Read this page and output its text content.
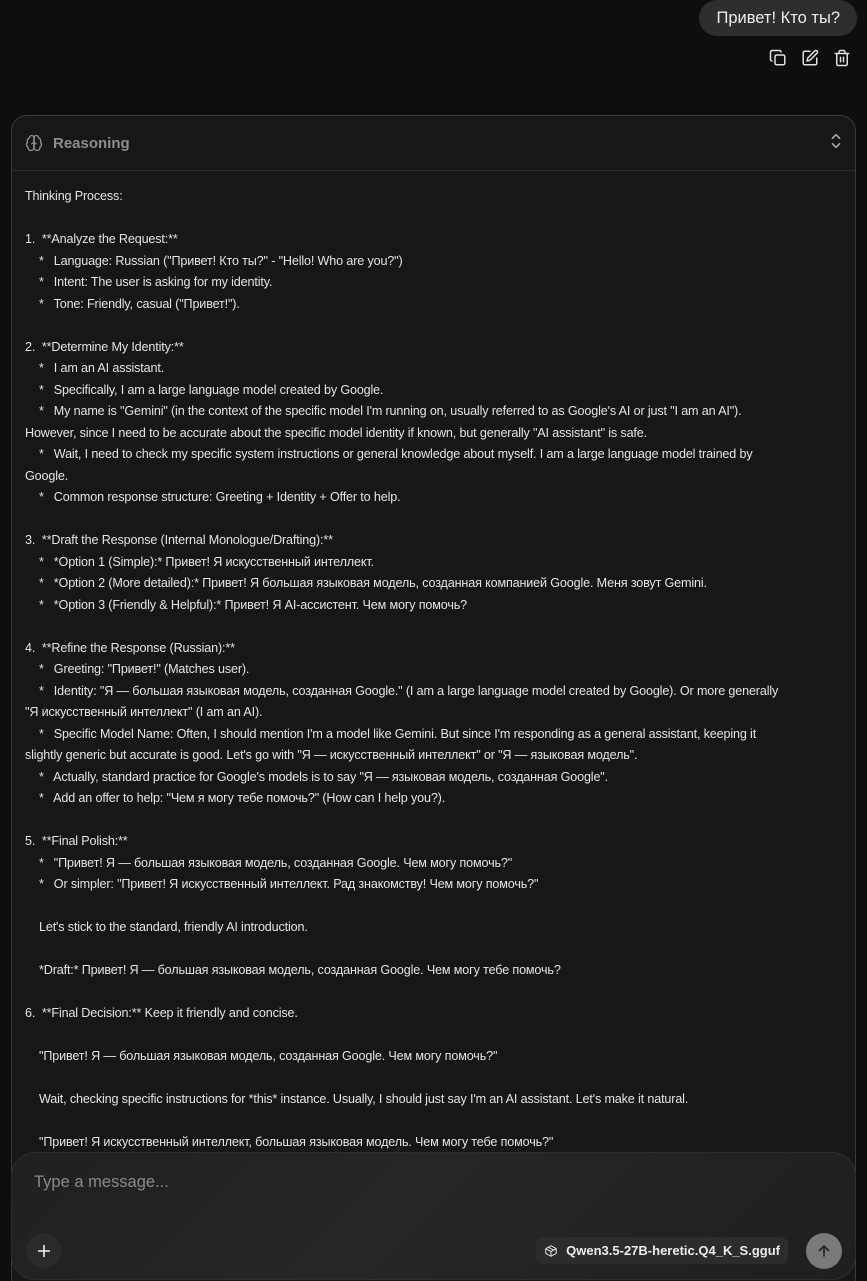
Привет! Кто ты?
Reasoning
Thinking Process:
1.  **Analyze the Request:**
*   Language: Russian ("Привет! Кто ты?" - "Hello! Who are you?")
*   Intent: The user is asking for my identity.
*   Tone: Friendly, casual ("Привет!").
2.  **Determine My Identity:**
*   I am an AI assistant.
*   Specifically, I am a large language model created by Google.
*   My name is "Gemini" (in the context of the specific model I'm running on, usually referred to as Google's AI or just "I am an AI").
However, since I need to be accurate about the specific model identity if known, but generally "AI assistant" is safe.
*   Wait, I need to check my specific system instructions or general knowledge about myself. I am a large language model trained by
Google.
*   Common response structure: Greeting + Identity + Offer to help.
3.  **Draft the Response (Internal Monologue/Drafting):**
*   *Option 1 (Simple):* Привет! Я искусственный интеллект.
*   *Option 2 (More detailed):* Привет! Я большая языковая модель, созданная компанией Google. Меня зовут Gemini.
*   *Option 3 (Friendly & Helpful):* Привет! Я AI-ассистент. Чем могу помочь?
4.  **Refine the Response (Russian):**
*   Greeting: "Привет!" (Matches user).
*   Identity: "Я — большая языковая модель, созданная Google." (I am a large language model created by Google). Or more generally
"Я искусственный интеллект" (I am an AI).
*   Specific Model Name: Often, I should mention I'm a model like Gemini. But since I'm responding as a general assistant, keeping it
slightly generic but accurate is good. Let's go with "Я — искусственный интеллект" or "Я — языковая модель".
*   Actually, standard practice for Google's models is to say "Я — языковая модель, созданная Google".
*   Add an offer to help: "Чем я могу тебе помочь?" (How can I help you?).
5.  **Final Polish:**
*   "Привет! Я — большая языковая модель, созданная Google. Чем могу помочь?"
*   Or simpler: "Привет! Я искусственный интеллект. Рад знакомству! Чем могу помочь?"
Let's stick to the standard, friendly AI introduction.
*Draft:* Привет! Я — большая языковая модель, созданная Google. Чем могу тебе помочь?
6.  **Final Decision:** Keep it friendly and concise.
"Привет! Я — большая языковая модель, созданная Google. Чем могу помочь?"
Wait, checking specific instructions for *this* instance. Usually, I should just say I'm an AI assistant. Let's make it natural.
"Привет! Я искусственный интеллект, большая языковая модель. Чем могу тебе помочь?"
Type a message...
Qwen3.5-27B-heretic.Q4_K_S.gguf
